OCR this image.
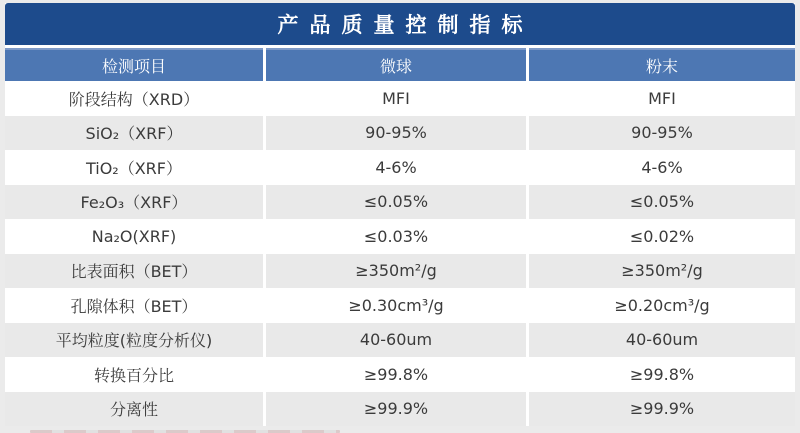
产品质量控制指标
检测项目	微球	粉末
阶段结构（XRD）	MFI	MFI
SiO₂（XRF）	90-95%	90-95%
TiO₂（XRF）	4-6%	4-6%
Fe₂O₃（XRF）	≤0.05%	≤0.05%
Na₂O(XRF)	≤0.03%	≤0.02%
比表面积（BET）	≥350m²/g	≥350m²/g
孔隙体积（BET）	≥0.30cm³/g	≥0.20cm³/g
平均粒度(粒度分析仪)	40-60um	40-60um
转换百分比	≥99.8%	≥99.8%
分离性	≥99.9%	≥99.9%
